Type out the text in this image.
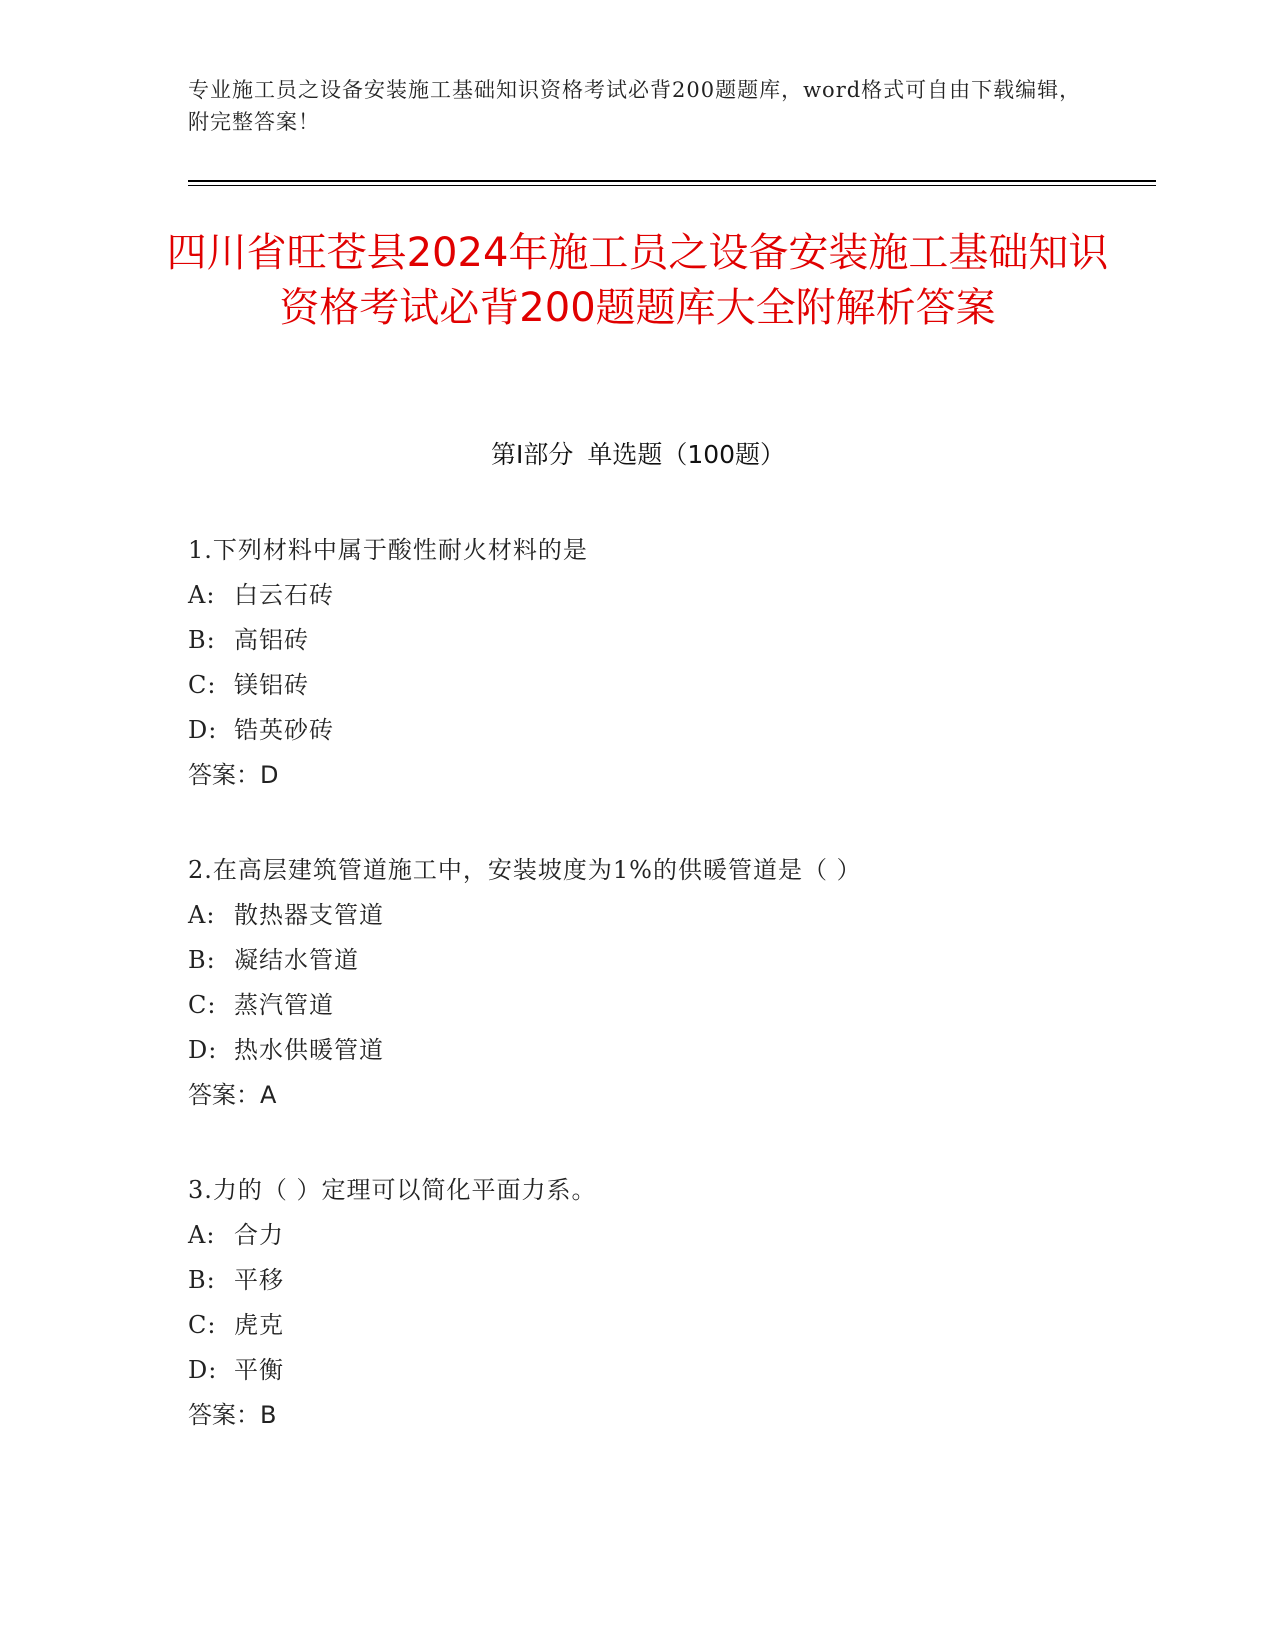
专业施工员之设备安装施工基础知识资格考试必背200题题库，word格式可自由下载编辑，附完整答案！
四川省旺苍县2024年施工员之设备安装施工基础知识资格考试必背200题题库大全附解析答案
第Ⅰ部分 单选题（100题）
1.下列材料中属于酸性耐火材料的是
A: 白云石砖
B: 高铝砖
C: 镁铝砖
D: 锆英砂砖
答案：D
2.在高层建筑管道施工中，安装坡度为1%的供暖管道是（ ）
A: 散热器支管道
B: 凝结水管道
C: 蒸汽管道
D: 热水供暖管道
答案：A
3.力的（ ）定理可以简化平面力系。
A: 合力
B: 平移
C: 虎克
D: 平衡
答案：B
